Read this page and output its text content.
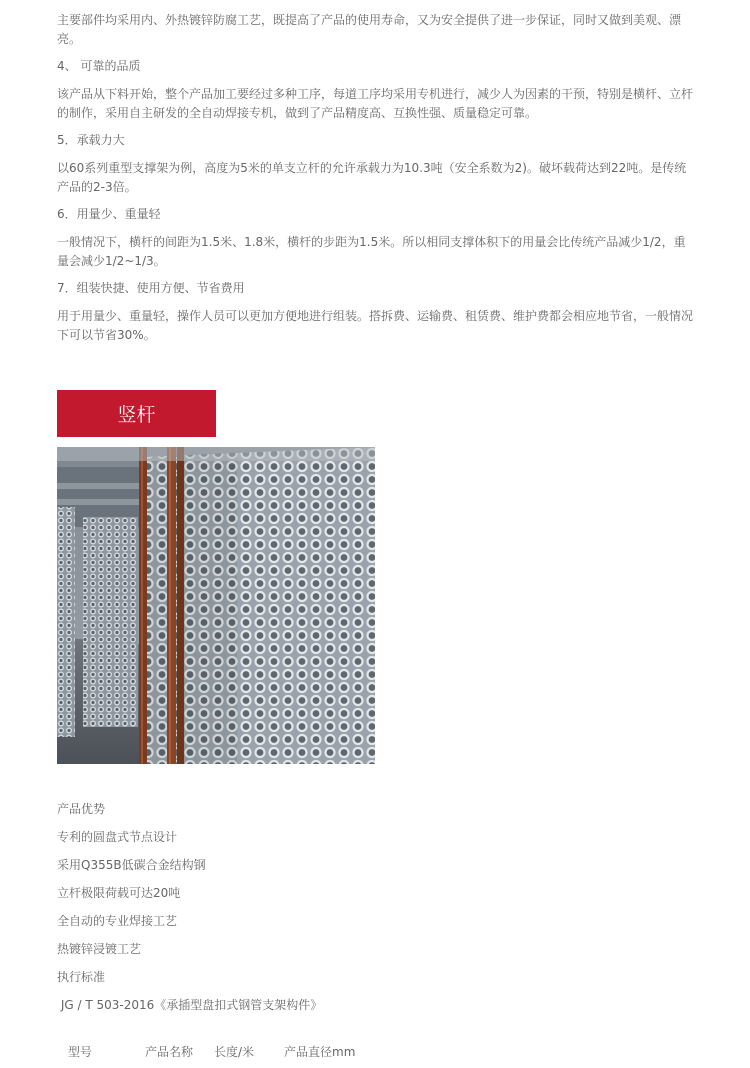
主要部件均采用内、外热镀锌防腐工艺，既提高了产品的使用寿命，又为安全提供了进一步保证，同时又做到美观、漂亮。

4、 可靠的品质

该产品从下料开始，整个产品加工要经过多种工序，每道工序均采用专机进行，减少人为因素的干预，特别是横杆、立杆的制作，采用自主研发的全自动焊接专机，做到了产品精度高、互换性强、质量稳定可靠。

5．承载力大

以60系列重型支撑架为例，高度为5米的单支立杆的允许承载力为10.3吨（安全系数为2)。破坏载荷达到22吨。是传统产品的2-3倍。

6．用量少、重量轻

一般情况下，横杆的间距为1.5米、1.8米，横杆的步距为1.5米。所以相同支撑体积下的用量会比传统产品减少1/2，重量会减少1/2~1/3。

7．组装快捷、使用方便、节省费用

用于用量少、重量轻，操作人员可以更加方便地进行组装。搭拆费、运输费、租赁费、维护费都会相应地节省，一般情况下可以节省30%。

竖杆
产品优势
专利的圆盘式节点设计
采用Q355B低碳合金结构钢
立杆极限荷载可达20吨
全自动的专业焊接工艺
热镀锌浸镀工艺
执行标准
JG / T 503-2016《承插型盘扣式钢管支架构件》
型号	产品名称 长度/米 产品直径mm
